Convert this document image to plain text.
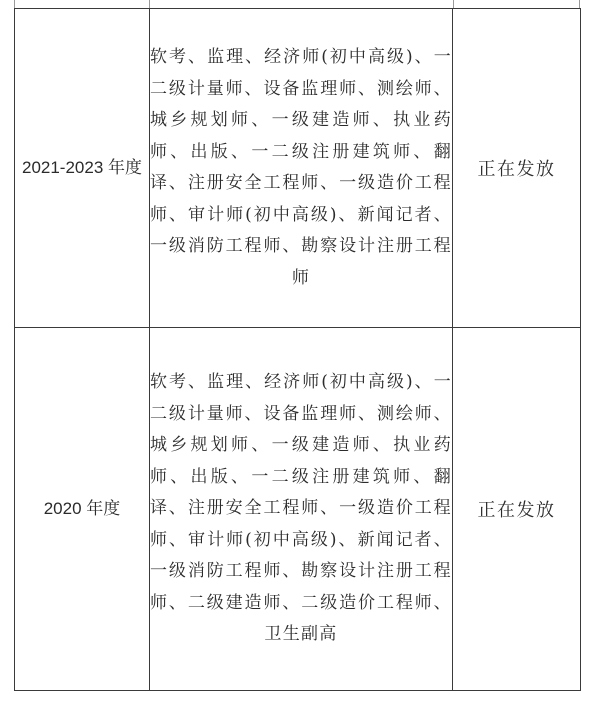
2021-2023 年度	软考、监理、经济师(初中高级)、一二级计量师、设备监理师、测绘师、城乡规划师、一级建造师、执业药师、出版、一二级注册建筑师、翻译、注册安全工程师、一级造价工程师、审计师(初中高级)、新闻记者、一级消防工程师、勘察设计注册工程师	正在发放
2020 年度	软考、监理、经济师(初中高级)、一二级计量师、设备监理师、测绘师、城乡规划师、一级建造师、执业药师、出版、一二级注册建筑师、翻译、注册安全工程师、一级造价工程师、审计师(初中高级)、新闻记者、一级消防工程师、勘察设计注册工程师、二级建造师、二级造价工程师、卫生副高	正在发放
